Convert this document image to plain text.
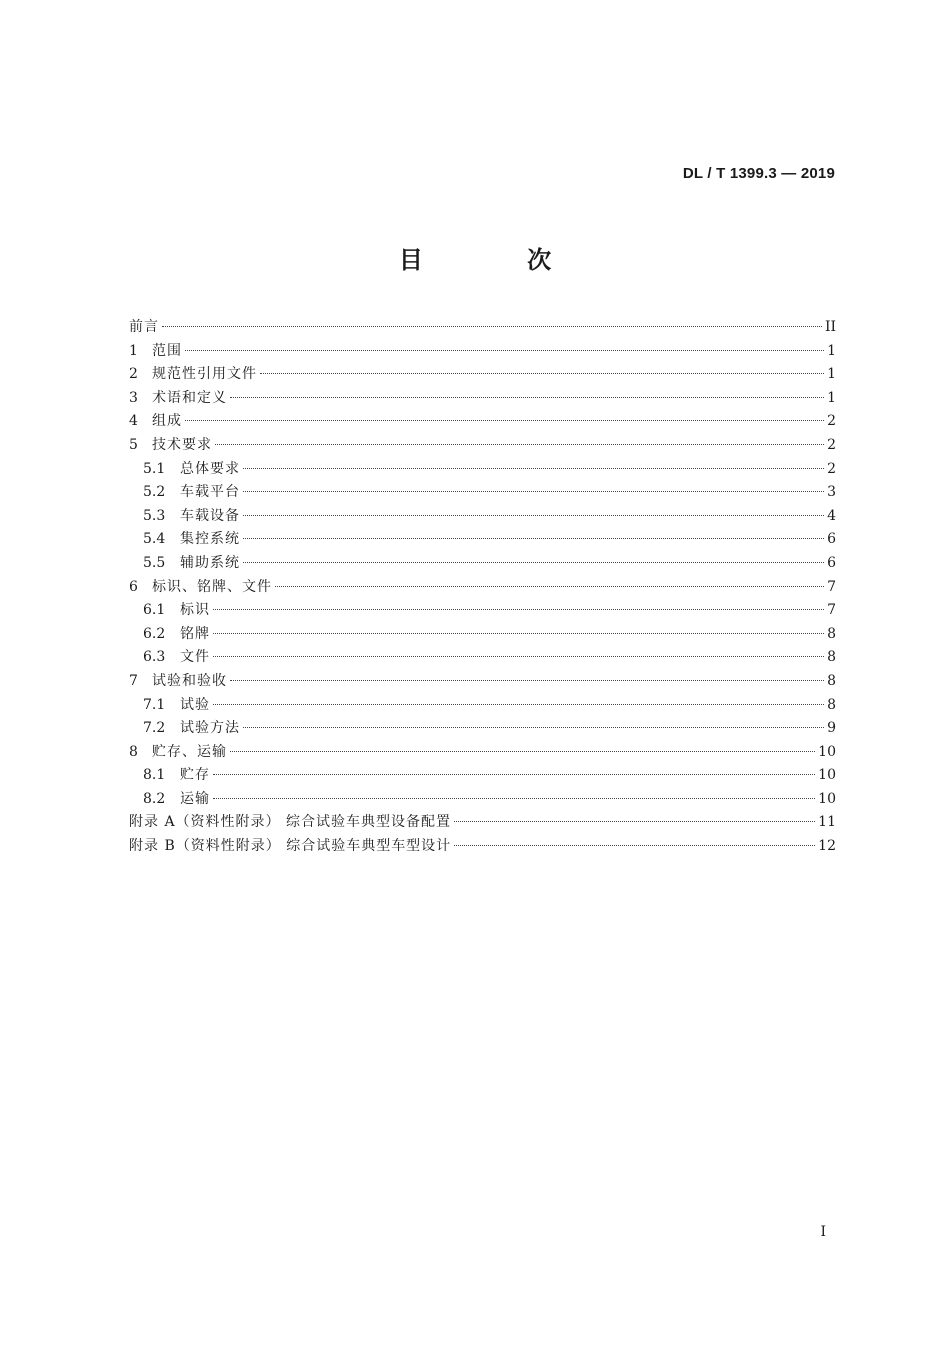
DL / T 1399.3 — 2019
目 次
前言	II
1	范围	1
2	规范性引用文件	1
3	术语和定义	1
4	组成	2
5	技术要求	2
5.1	总体要求	2
5.2	车载平台	3
5.3	车载设备	4
5.4	集控系统	6
5.5	辅助系统	6
6	标识、铭牌、文件	7
6.1	标识	7
6.2	铭牌	8
6.3	文件	8
7	试验和验收	8
7.1	试验	8
7.2	试验方法	9
8	贮存、运输	10
8.1	贮存	10
8.2	运输	10
附录 A（资料性附录） 综合试验车典型设备配置	11
附录 B（资料性附录） 综合试验车典型车型设计	12
I
